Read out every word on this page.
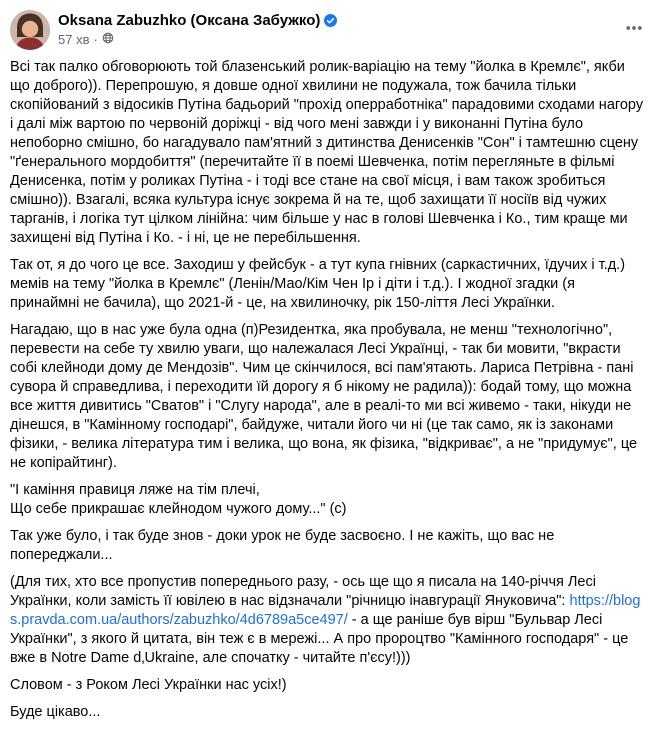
Oksana Zabuzhko (Оксана Забужко)
57 хв ·

Всі так палко обговорюють той блазенський ролик-варіацію на тему "йолка в Кремлє", якби що доброго)). Перепрошую, я довше одної хвилини не подужала, тож бачила тільки скопійований з відосиків Путіна бадьорий "прохід оперработніка" парадовими сходами нагору і далі між вартою по червоній доріжці - від чого мені завжди і у виконанні Путіна було непоборно смішно, бо нагадувало пам'ятний з дитинства Денисенків "Сон" і тамтешню сцену "ґенерального мордобиття" (перечитайте її в поемі Шевченка, потім перегляньте в фільмі Денисенка, потім у роликах Путіна - і тоді все стане на свої місця, і вам також зробиться смішно)). Взагалі, всяка культура існує зокрема й на те, щоб захищати її носіїв від чужих тарганів, і логіка тут цілком лінійна: чим більше у нас в голові Шевченка і Ко., тим краще ми захищені від Путіна і Ко. - і ні, це не перебільшення.

Так от, я до чого це все. Заходиш у фейсбук - а тут купа гнівних (саркастичних, їдучих і т.д.) мемів на тему "йолка в Кремлє" (Ленін/Мао/Кім Чен Ір і діти і т.д.). І жодної згадки (я принаймні не бачила), що 2021-й - це, на хвилиночку, рік 150-ліття Лесі Українки.

Нагадаю, що в нас уже була одна (п)Резидентка, яка пробувала, не менш "технологічно", перевести на себе ту хвилю уваги, що належалася Лесі Українці, - так би мовити, "вкрасти собі клейноди дому де Мендозів". Чим це скінчилося, всі пам'ятають. Лариса Петрівна - пані сувора й справедлива, і переходити їй дорогу я б нікому не радила)): бодай тому, що можна все життя дивитись "Сватов" і "Слугу народа", але в реалі-то ми всі живемо - таки, нікуди не дінешся, в "Камінному господарі", байдуже, читали його чи ні (це так само, як із законами фізики, - велика література тим і велика, що вона, як фізика, "відкриває", а не "придумує", це не копірайтинг).

"І каміння правиця ляже на тім плечі,
Що себе прикрашає клейнодом чужого дому..." (с)

Так уже було, і так буде знов - доки урок не буде засвоєно. І не кажіть, що вас не попереджали...

(Для тих, хто все пропустив попереднього разу, - ось ще що я писала на 140-річчя Лесі Українки, коли замість її ювілею в нас відзначали "річницю інавгурації Януковича": https://blogs.pravda.com.ua/authors/zabuzhko/4d6789a5ce497/ - а ще раніше був вірш "Бульвар Лесі Українки", з якого й цитата, він теж є в мережі... А про пророцтво "Камінного господаря" - це вже в Notre Dame d‚Ukraine, але спочатку - читайте п'єсу!)))

Словом - з Роком Лесі Українки нас усіх!)

Буде цікаво...
